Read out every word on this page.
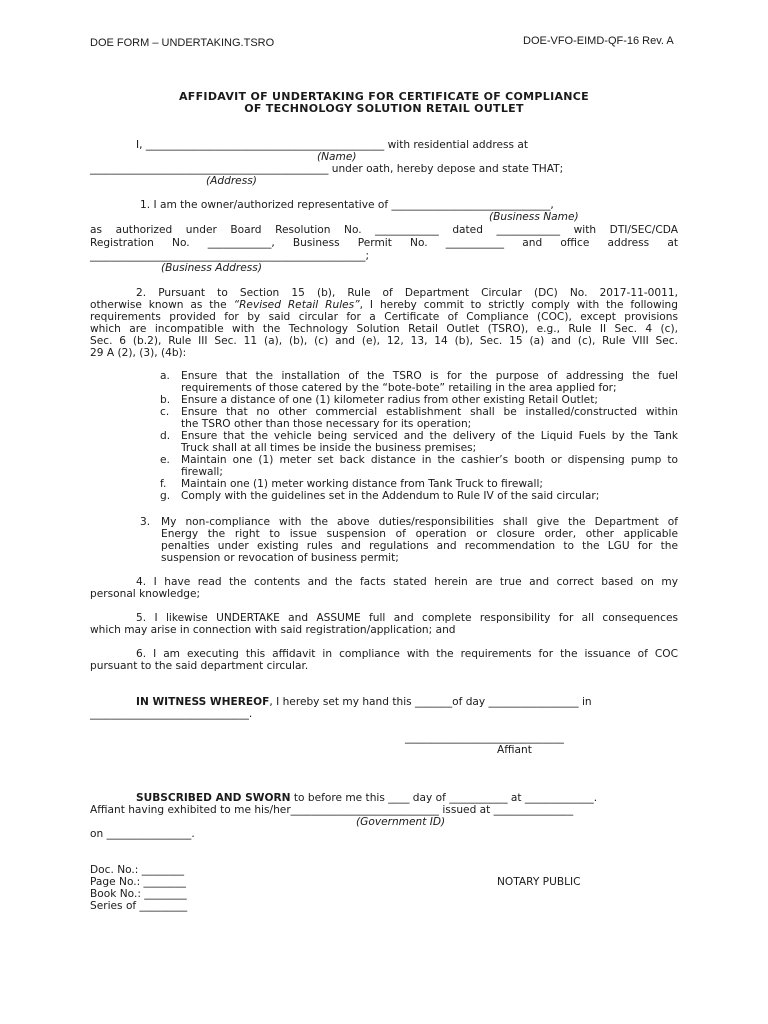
DOE FORM – UNDERTAKING.TSRO	DOE-VFO-EIMD-QF-16 Rev. A
AFFIDAVIT OF UNDERTAKING FOR CERTIFICATE OF COMPLIANCE
OF TECHNOLOGY SOLUTION RETAIL OUTLET
I, _____________________________________________ with residential address at
(Name)
_____________________________________________ under oath, hereby depose and state THAT;
(Address)
1. I am the owner/authorized representative of ______________________________,
(Business Name)
as authorized under Board Resolution No. ____________ dated ____________ with DTI/SEC/CDA
Registration No. ____________, Business Permit No. ___________ and office address at
____________________________________________________;
(Business Address)
2. Pursuant to Section 15 (b), Rule of Department Circular (DC) No. 2017-11-0011,
otherwise known as the “Revised Retail Rules”, I hereby commit to strictly comply with the following
requirements provided for by said circular for a Certificate of Compliance (COC), except provisions
which are incompatible with the Technology Solution Retail Outlet (TSRO), e.g., Rule II Sec. 4 (c),
Sec. 6 (b.2), Rule III Sec. 11 (a), (b), (c) and (e), 12, 13, 14 (b), Sec. 15 (a) and (c), Rule VIII Sec.
29 A (2), (3), (4b):
a.	Ensure that the installation of the TSRO is for the purpose of addressing the fuel
requirements of those catered by the “bote-bote” retailing in the area applied for;
b.	Ensure a distance of one (1) kilometer radius from other existing Retail Outlet;
c.	Ensure that no other commercial establishment shall be installed/constructed within
the TSRO other than those necessary for its operation;
d.	Ensure that the vehicle being serviced and the delivery of the Liquid Fuels by the Tank
Truck shall at all times be inside the business premises;
e.	Maintain one (1) meter set back distance in the cashier’s booth or dispensing pump to
firewall;
f.	Maintain one (1) meter working distance from Tank Truck to firewall;
g.	Comply with the guidelines set in the Addendum to Rule IV of the said circular;
3.	My non-compliance with the above duties/responsibilities shall give the Department of
Energy the right to issue suspension of operation or closure order, other applicable
penalties under existing rules and regulations and recommendation to the LGU for the
suspension or revocation of business permit;
4. I have read the contents and the facts stated herein are true and correct based on my
personal knowledge;
5. I likewise UNDERTAKE and ASSUME full and complete responsibility for all consequences
which may arise in connection with said registration/application; and
6. I am executing this affidavit in compliance with the requirements for the issuance of COC
pursuant to the said department circular.
IN WITNESS WHEREOF, I hereby set my hand this _______of day _________________ in
______________________________.
______________________________
Affiant
SUBSCRIBED AND SWORN to before me this ____ day of ___________ at _____________.
Affiant having exhibited to me his/her____________________________ issued at _______________
(Government ID)
on ________________.
Doc. No.: ________
Page No.: ________
Book No.: ________
Series of _________
NOTARY PUBLIC
